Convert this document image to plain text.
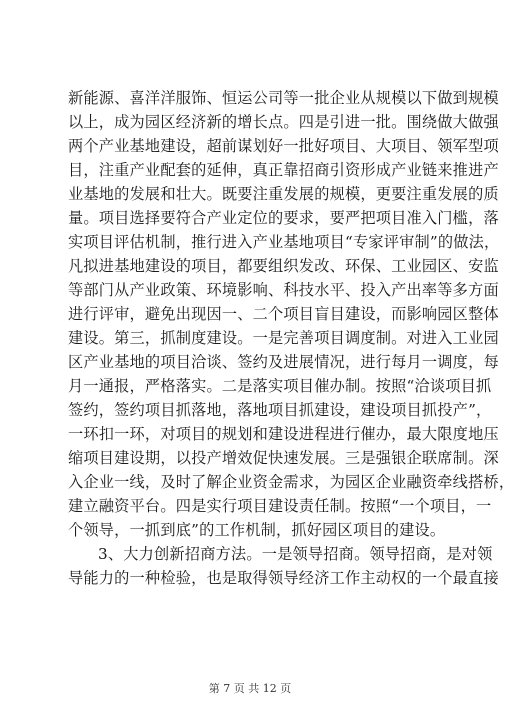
新能源、喜洋洋服饰、恒运公司等一批企业从规模以下做到规模
以上，成为园区经济新的增长点。四是引进一批。围绕做大做强
两个产业基地建设，超前谋划好一批好项目、大项目、领军型项
目，注重产业配套的延伸，真正靠招商引资形成产业链来推进产
业基地的发展和壮大。既要注重发展的规模，更要注重发展的质
量。项目选择要符合产业定位的要求，要严把项目准入门槛，落
实项目评估机制，推行进入产业基地项目“专家评审制”的做法，
凡拟进基地建设的项目，都要组织发改、环保、工业园区、安监
等部门从产业政策、环境影响、科技水平、投入产出率等多方面
进行评审，避免出现因一、二个项目盲目建设，而影响园区整体
建设。第三，抓制度建设。一是完善项目调度制。对进入工业园
区产业基地的项目洽谈、签约及进展情况，进行每月一调度，每
月一通报，严格落实。二是落实项目催办制。按照“洽谈项目抓
签约，签约项目抓落地，落地项目抓建设，建设项目抓投产”，
一环扣一环，对项目的规划和建设进程进行催办，最大限度地压
缩项目建设期，以投产增效促快速发展。三是强银企联席制。深
入企业一线，及时了解企业资金需求，为园区企业融资牵线搭桥，
建立融资平台。四是实行项目建设责任制。按照“一个项目，一
个领导，一抓到底”的工作机制，抓好园区项目的建设。
3、大力创新招商方法。一是领导招商。领导招商，是对领
导能力的一种检验，也是取得领导经济工作主动权的一个最直接
第 7 页 共 12 页
